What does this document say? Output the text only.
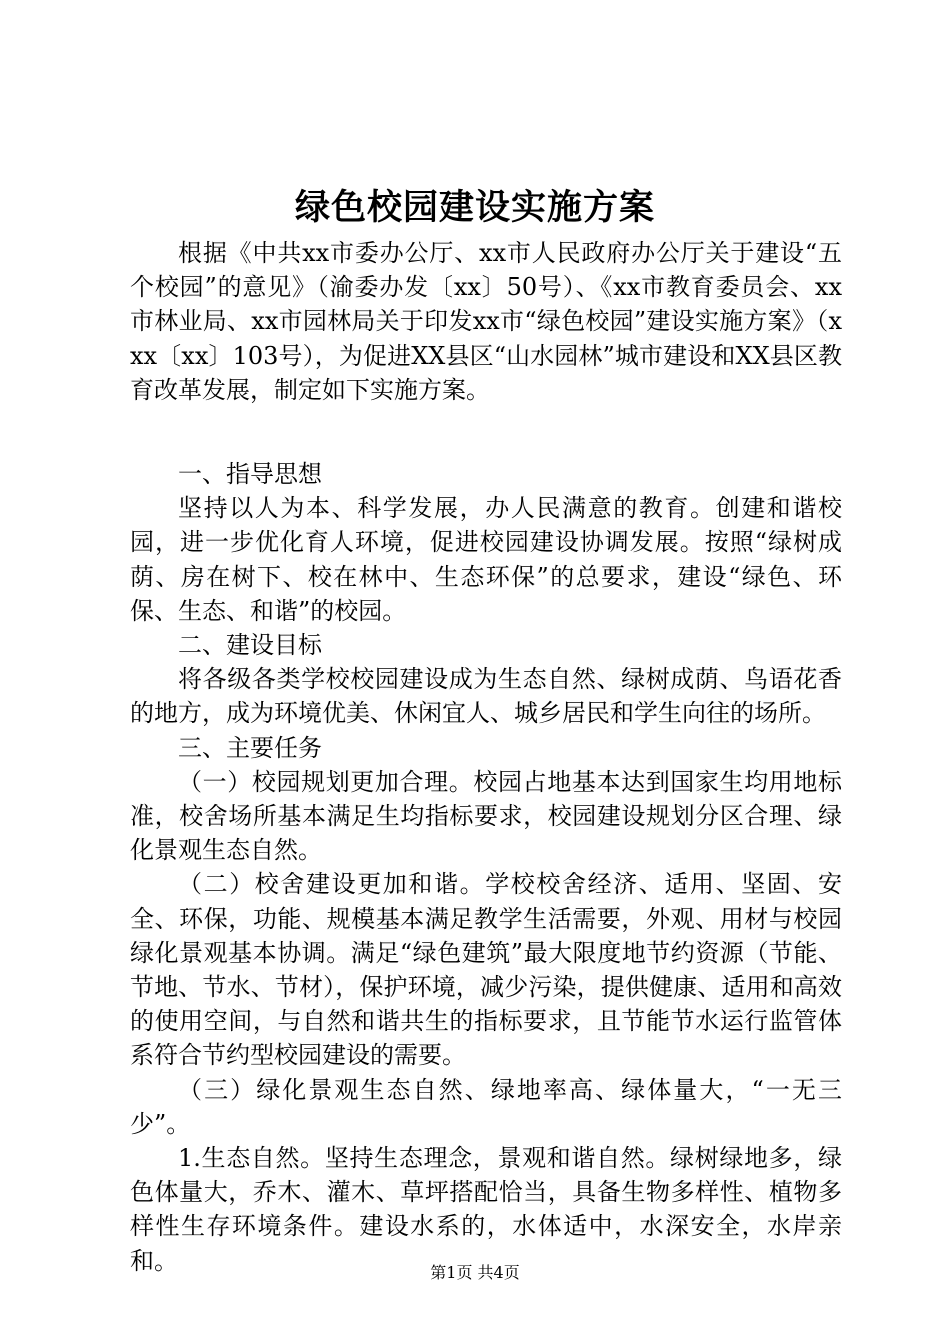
绿色校园建设实施方案

根据《中共xx市委办公厅、xx市人民政府办公厅关于建设“五个校园”的意见》（渝委办发〔xx〕50号）、《xx市教育委员会、xx市林业局、xx市园林局关于印发xx市“绿色校园”建设实施方案》（xxx〔xx〕103号），为促进XX县区“山水园林”城市建设和XX县区教育改革发展，制定如下实施方案。

一、指导思想

坚持以人为本、科学发展，办人民满意的教育。创建和谐校园，进一步优化育人环境，促进校园建设协调发展。按照“绿树成荫、房在树下、校在林中、生态环保”的总要求，建设“绿色、环保、生态、和谐”的校园。

二、建设目标

将各级各类学校校园建设成为生态自然、绿树成荫、鸟语花香的地方，成为环境优美、休闲宜人、城乡居民和学生向往的场所。

三、主要任务

（一）校园规划更加合理。校园占地基本达到国家生均用地标准，校舍场所基本满足生均指标要求，校园建设规划分区合理、绿化景观生态自然。

（二）校舍建设更加和谐。学校校舍经济、适用、坚固、安全、环保，功能、规模基本满足教学生活需要，外观、用材与校园绿化景观基本协调。满足“绿色建筑”最大限度地节约资源（节能、节地、节水、节材），保护环境，减少污染，提供健康、适用和高效的使用空间，与自然和谐共生的指标要求，且节能节水运行监管体系符合节约型校园建设的需要。

（三）绿化景观生态自然、绿地率高、绿体量大，“一无三少”。

1.生态自然。坚持生态理念，景观和谐自然。绿树绿地多，绿色体量大，乔木、灌木、草坪搭配恰当，具备生物多样性、植物多样性生存环境条件。建设水系的，水体适中，水深安全，水岸亲和。	第1页 共4页
